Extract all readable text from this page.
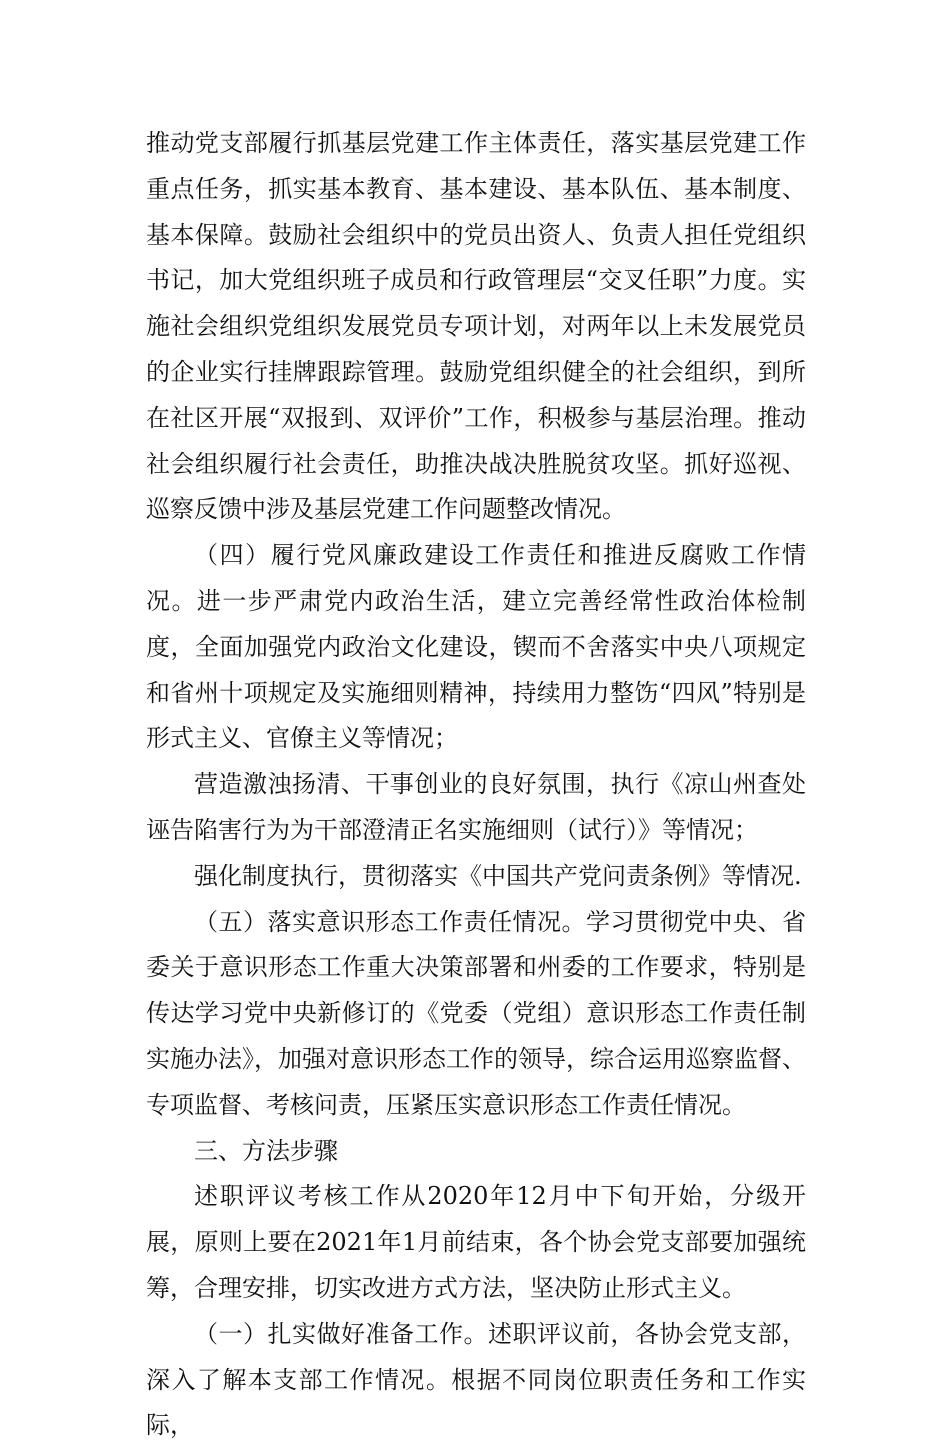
推动党支部履行抓基层党建工作主体责任，落实基层党建工作重点任务，抓实基本教育、基本建设、基本队伍、基本制度、基本保障。鼓励社会组织中的党员出资人、负责人担任党组织书记，加大党组织班子成员和行政管理层“交叉任职”力度。实施社会组织党组织发展党员专项计划，对两年以上未发展党员的企业实行挂牌跟踪管理。鼓励党组织健全的社会组织，到所在社区开展“双报到、双评价”工作，积极参与基层治理。推动社会组织履行社会责任，助推决战决胜脱贫攻坚。抓好巡视、巡察反馈中涉及基层党建工作问题整改情况。

（四）履行党风廉政建设工作责任和推进反腐败工作情况。进一步严肃党内政治生活，建立完善经常性政治体检制度，全面加强党内政治文化建设，锲而不舍落实中央八项规定和省州十项规定及实施细则精神，持续用力整饬“四风”特别是形式主义、官僚主义等情况；

营造激浊扬清、干事创业的良好氛围，执行《凉山州查处诬告陷害行为为干部澄清正名实施细则（试行）》等情况；

强化制度执行，贯彻落实《中国共产党问责条例》等情况.

（五）落实意识形态工作责任情况。学习贯彻党中央、省委关于意识形态工作重大决策部署和州委的工作要求，特别是传达学习党中央新修订的《党委（党组）意识形态工作责任制实施办法》，加强对意识形态工作的领导，综合运用巡察监督、专项监督、考核问责，压紧压实意识形态工作责任情况。

三、方法步骤

述职评议考核工作从2020年12月中下旬开始，分级开展，原则上要在2021年1月前结束，各个协会党支部要加强统筹，合理安排，切实改进方式方法，坚决防止形式主义。

（一）扎实做好准备工作。述职评议前，各协会党支部，深入了解本支部工作情况。根据不同岗位职责任务和工作实际，
